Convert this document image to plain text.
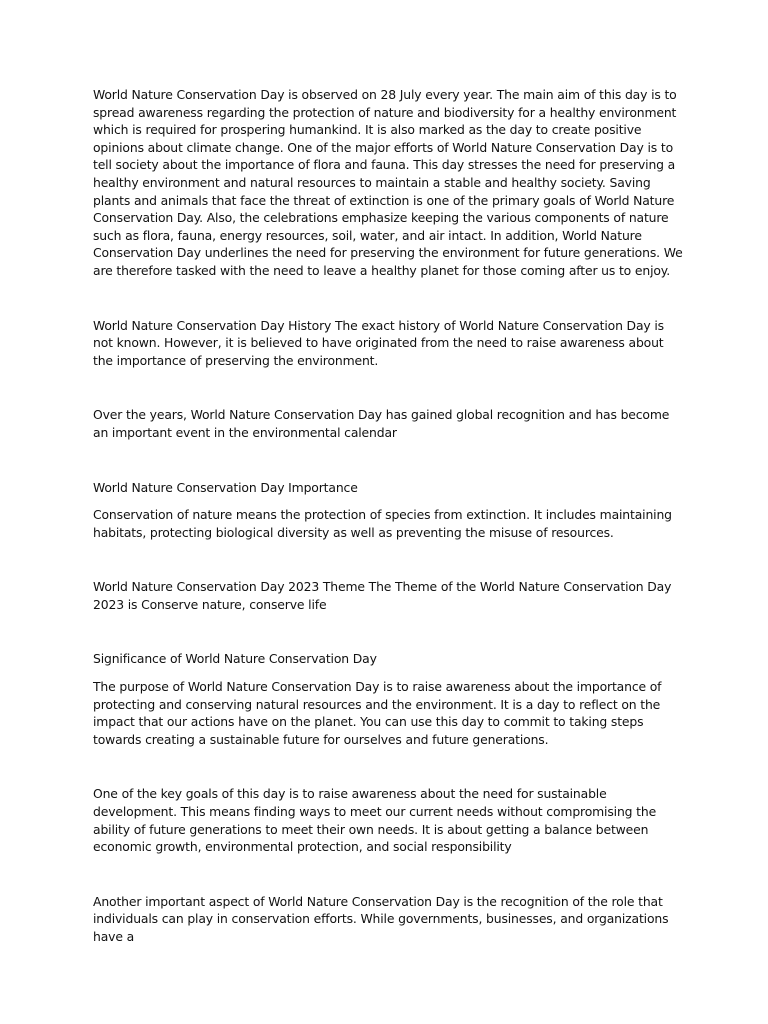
World Nature Conservation Day is observed on 28 July every year. The main aim of this day is to spread awareness regarding the protection of nature and biodiversity for a healthy environment which is required for prospering humankind. It is also marked as the day to create positive opinions about climate change. One of the major efforts of World Nature Conservation Day is to tell society about the importance of flora and fauna. This day stresses the need for preserving a healthy environment and natural resources to maintain a stable and healthy society. Saving plants and animals that face the threat of extinction is one of the primary goals of World Nature Conservation Day. Also, the celebrations emphasize keeping the various components of nature such as flora, fauna, energy resources, soil, water, and air intact. In addition, World Nature Conservation Day underlines the need for preserving the environment for future generations. We are therefore tasked with the need to leave a healthy planet for those coming after us to enjoy.

World Nature Conservation Day History The exact history of World Nature Conservation Day is not known. However, it is believed to have originated from the need to raise awareness about the importance of preserving the environment.

Over the years, World Nature Conservation Day has gained global recognition and has become an important event in the environmental calendar

World Nature Conservation Day Importance

Conservation of nature means the protection of species from extinction. It includes maintaining habitats, protecting biological diversity as well as preventing the misuse of resources.

World Nature Conservation Day 2023 Theme The Theme of the World Nature Conservation Day 2023 is Conserve nature, conserve life

Significance of World Nature Conservation Day

The purpose of World Nature Conservation Day is to raise awareness about the importance of protecting and conserving natural resources and the environment. It is a day to reflect on the impact that our actions have on the planet. You can use this day to commit to taking steps towards creating a sustainable future for ourselves and future generations.

One of the key goals of this day is to raise awareness about the need for sustainable development. This means finding ways to meet our current needs without compromising the ability of future generations to meet their own needs. It is about getting a balance between economic growth, environmental protection, and social responsibility

Another important aspect of World Nature Conservation Day is the recognition of the role that individuals can play in conservation efforts. While governments, businesses, and organizations have a
